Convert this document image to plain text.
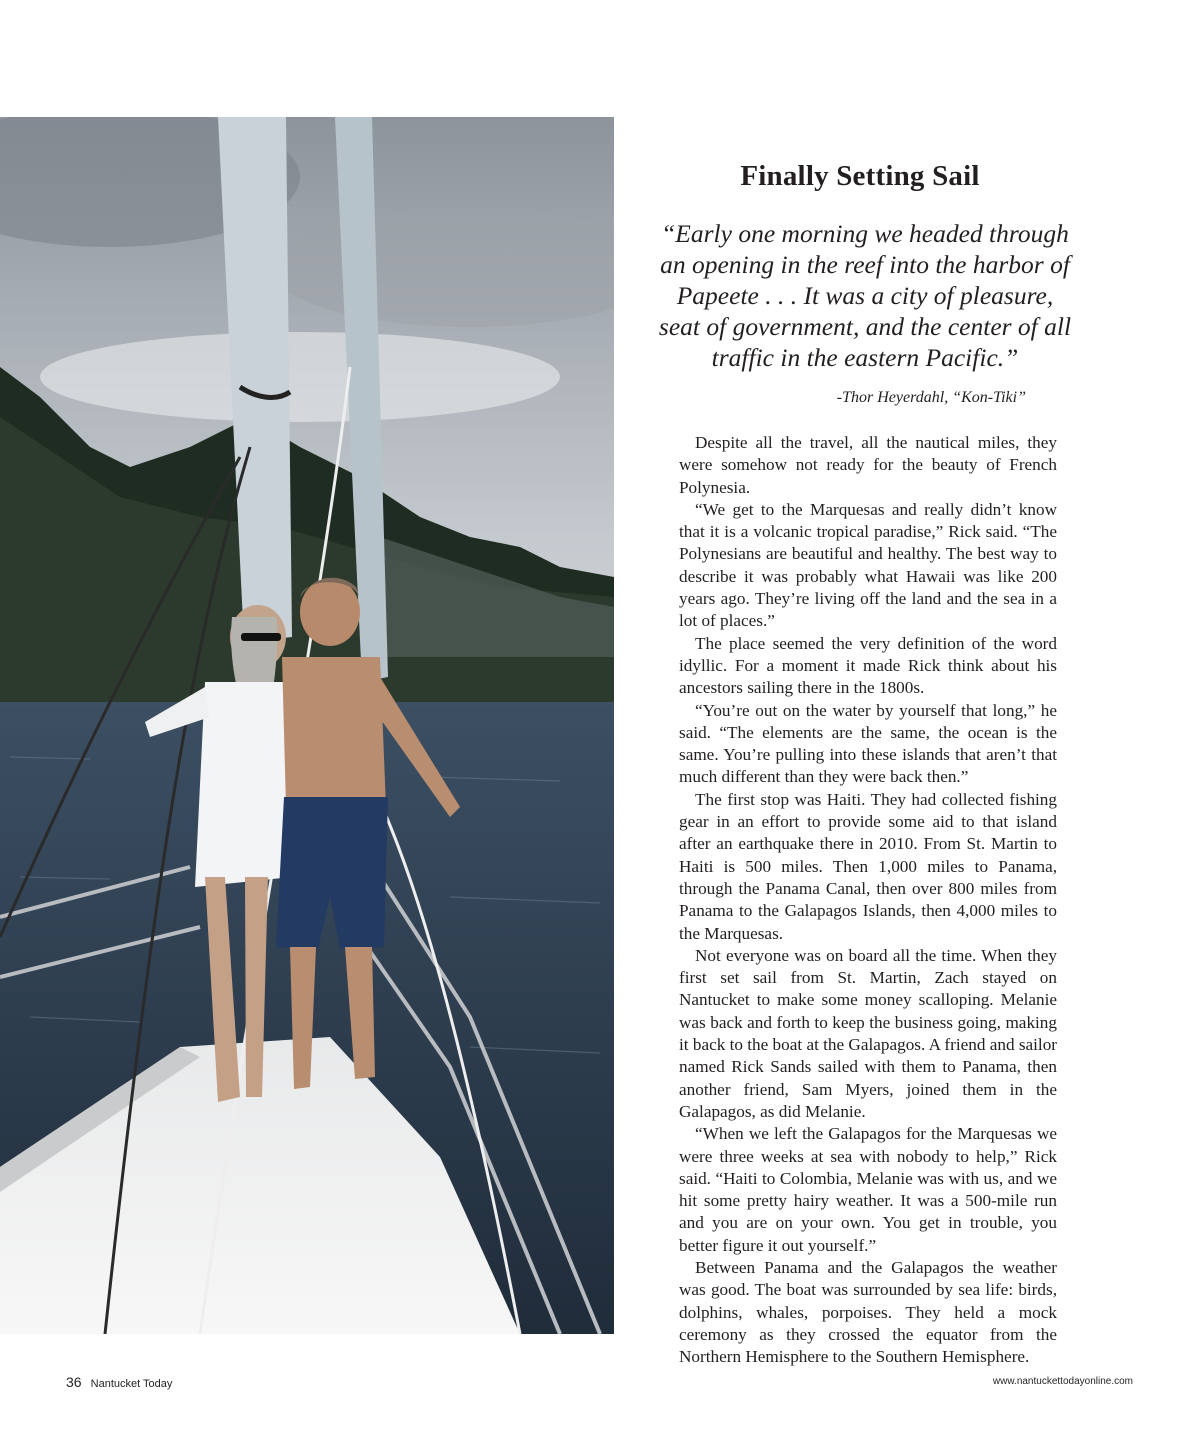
Finally Setting Sail

“Early one morning we headed through an opening in the reef into the harbor of Papeete . . . It was a city of pleasure, seat of government, and the center of all traffic in the eastern Pacific.”

-Thor Heyerdahl, “Kon-Tiki”

Despite all the travel, all the nautical miles, they were somehow not ready for the beauty of French Polynesia.

“We get to the Marquesas and really didn’t know that it is a volcanic tropical paradise,” Rick said. “The Polynesians are beautiful and healthy. The best way to describe it was probably what Hawaii was like 200 years ago. They’re living off the land and the sea in a lot of places.”

The place seemed the very definition of the word idyllic. For a moment it made Rick think about his ancestors sailing there in the 1800s.

“You’re out on the water by yourself that long,” he said. “The elements are the same, the ocean is the same. You’re pulling into these islands that aren’t that much different than they were back then.”

The first stop was Haiti. They had collected fishing gear in an effort to provide some aid to that island after an earthquake there in 2010. From St. Martin to Haiti is 500 miles. Then 1,000 miles to Panama, through the Panama Canal, then over 800 miles from Panama to the Galapagos Islands, then 4,000 miles to the Marquesas.

Not everyone was on board all the time. When they first set sail from St. Martin, Zach stayed on Nantucket to make some money scalloping. Melanie was back and forth to keep the business going, making it back to the boat at the Galapagos. A friend and sailor named Rick Sands sailed with them to Panama, then another friend, Sam Myers, joined them in the Galapagos, as did Melanie.

“When we left the Galapagos for the Marquesas we were three weeks at sea with nobody to help,” Rick said. “Haiti to Colombia, Melanie was with us, and we hit some pretty hairy weather. It was a 500-mile run and you are on your own. You get in trouble, you better figure it out yourself.”

Between Panama and the Galapagos the weather was good. The boat was surrounded by sea life: birds, dolphins, whales, porpoises. They held a mock ceremony as they crossed the equator from the Northern Hemisphere to the Southern Hemisphere.

36 Nantucket Today	www.nantuckettodayonline.com
